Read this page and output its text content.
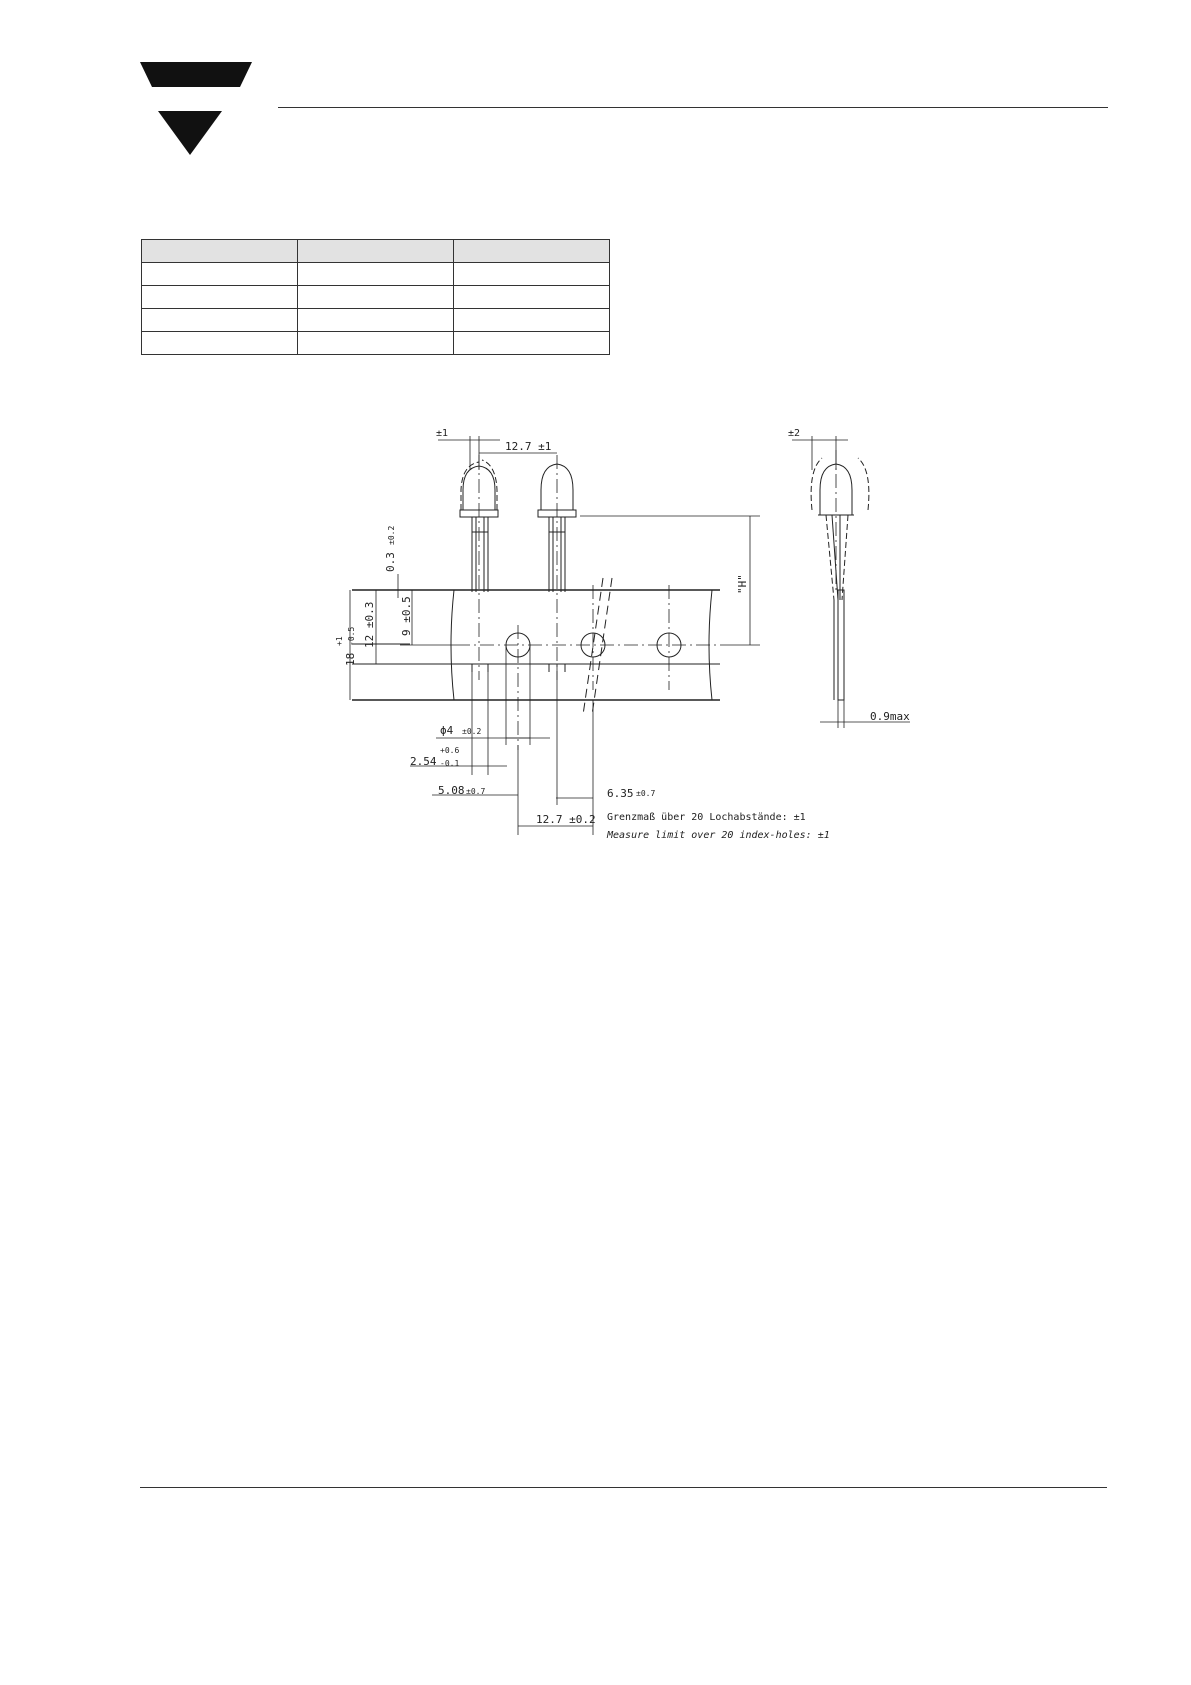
±1
12.7 ±1
±2
0.3
±0.2
"H"
9 ±0.5
12 ±0.3
18
+1 -0.5
0.9max
ϕ4 ±0.2
2.54
+0.6
-0.1
5.08 ±0.7	6.35 ±0.7
12.7 ±0.2 Grenzmaß über 20 Lochabstände: ±1
Measure limit over 20 index-holes: ±1
